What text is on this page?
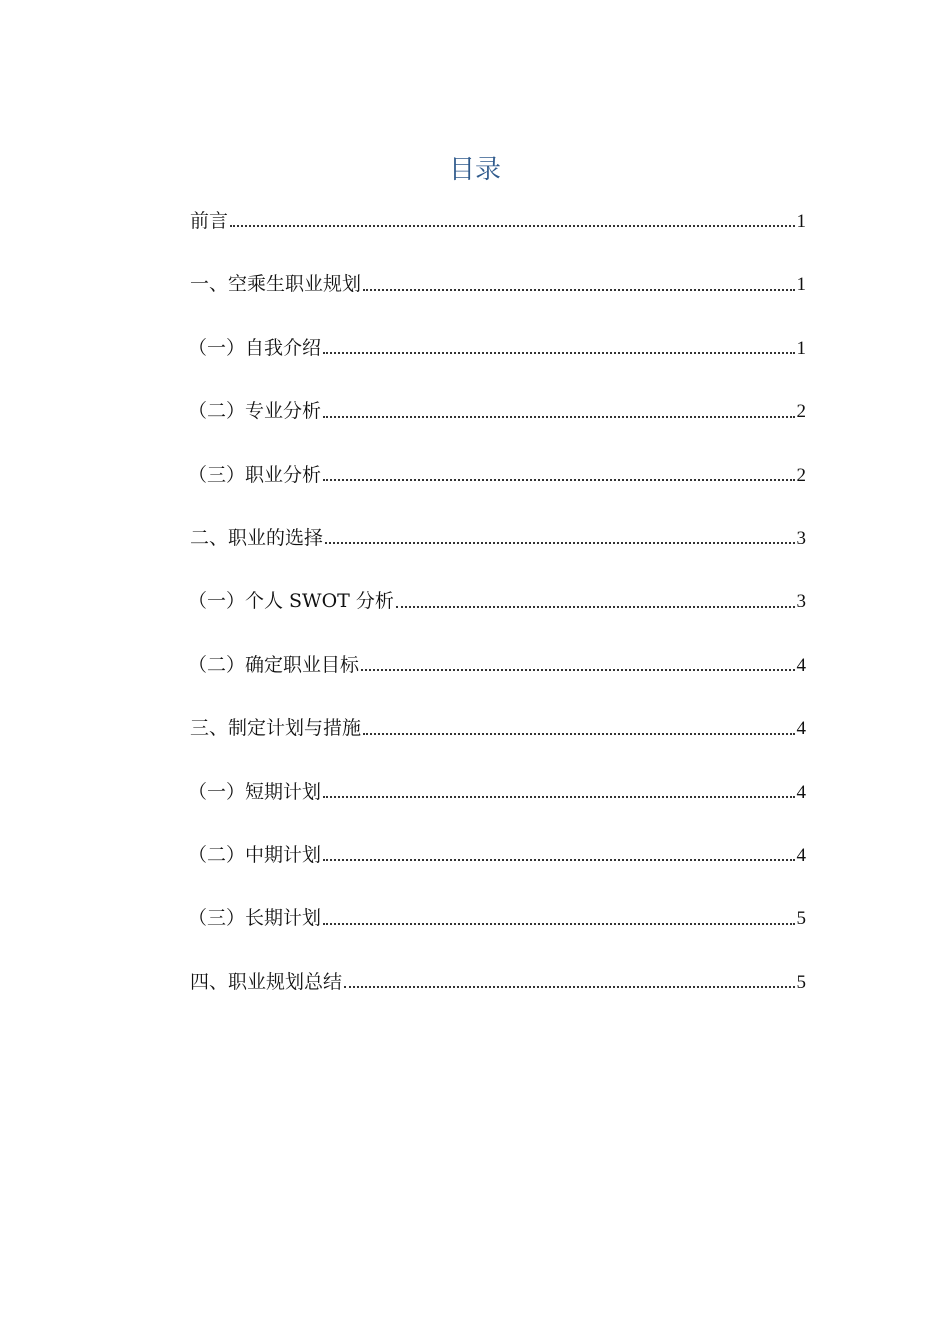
目录
前言	1
一、空乘生职业规划	1
（一）自我介绍	1
（二）专业分析	2
（三）职业分析	2
二、职业的选择	3
（一）个人 SWOT 分析	3
（二）确定职业目标	4
三、制定计划与措施	4
（一）短期计划	4
（二）中期计划	4
（三）长期计划	5
四、职业规划总结	5
